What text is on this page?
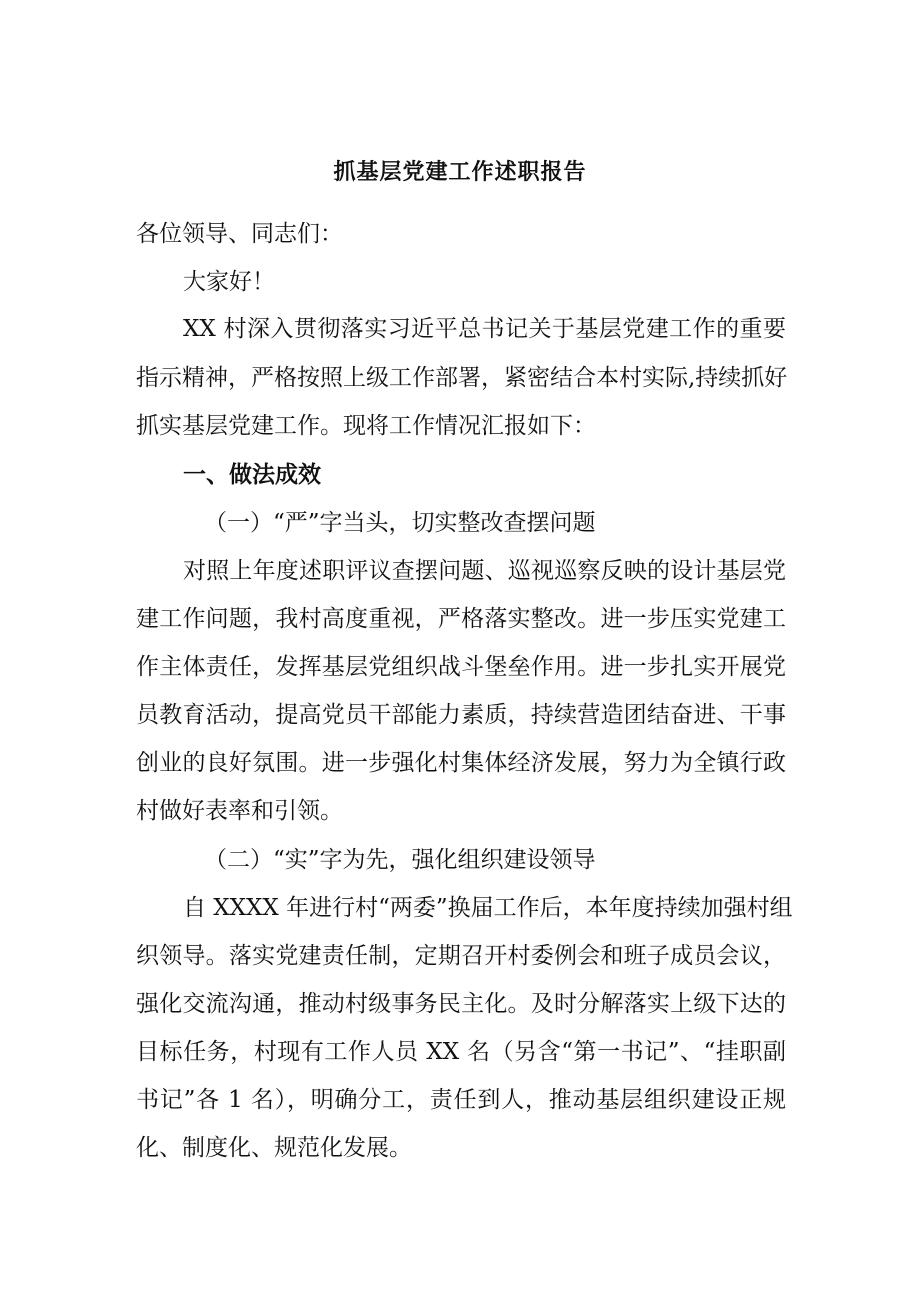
抓基层党建工作述职报告
各位领导、同志们：
大家好！
XX 村深入贯彻落实习近平总书记关于基层党建工作的重要
指示精神，严格按照上级工作部署，紧密结合本村实际,持续抓好
抓实基层党建工作。现将工作情况汇报如下：
一、做法成效
（一）“严”字当头，切实整改查摆问题
对照上年度述职评议查摆问题、巡视巡察反映的设计基层党
建工作问题，我村高度重视，严格落实整改。进一步压实党建工
作主体责任，发挥基层党组织战斗堡垒作用。进一步扎实开展党
员教育活动，提高党员干部能力素质，持续营造团结奋进、干事
创业的良好氛围。进一步强化村集体经济发展，努力为全镇行政
村做好表率和引领。
（二）“实”字为先，强化组织建设领导
自 XXXX 年进行村“两委”换届工作后，本年度持续加强村组
织领导。落实党建责任制，定期召开村委例会和班子成员会议，
强化交流沟通，推动村级事务民主化。及时分解落实上级下达的
目标任务，村现有工作人员 XX 名（另含“第一书记”、“挂职副
书记”各 1 名），明确分工，责任到人，推动基层组织建设正规
化、制度化、规范化发展。
